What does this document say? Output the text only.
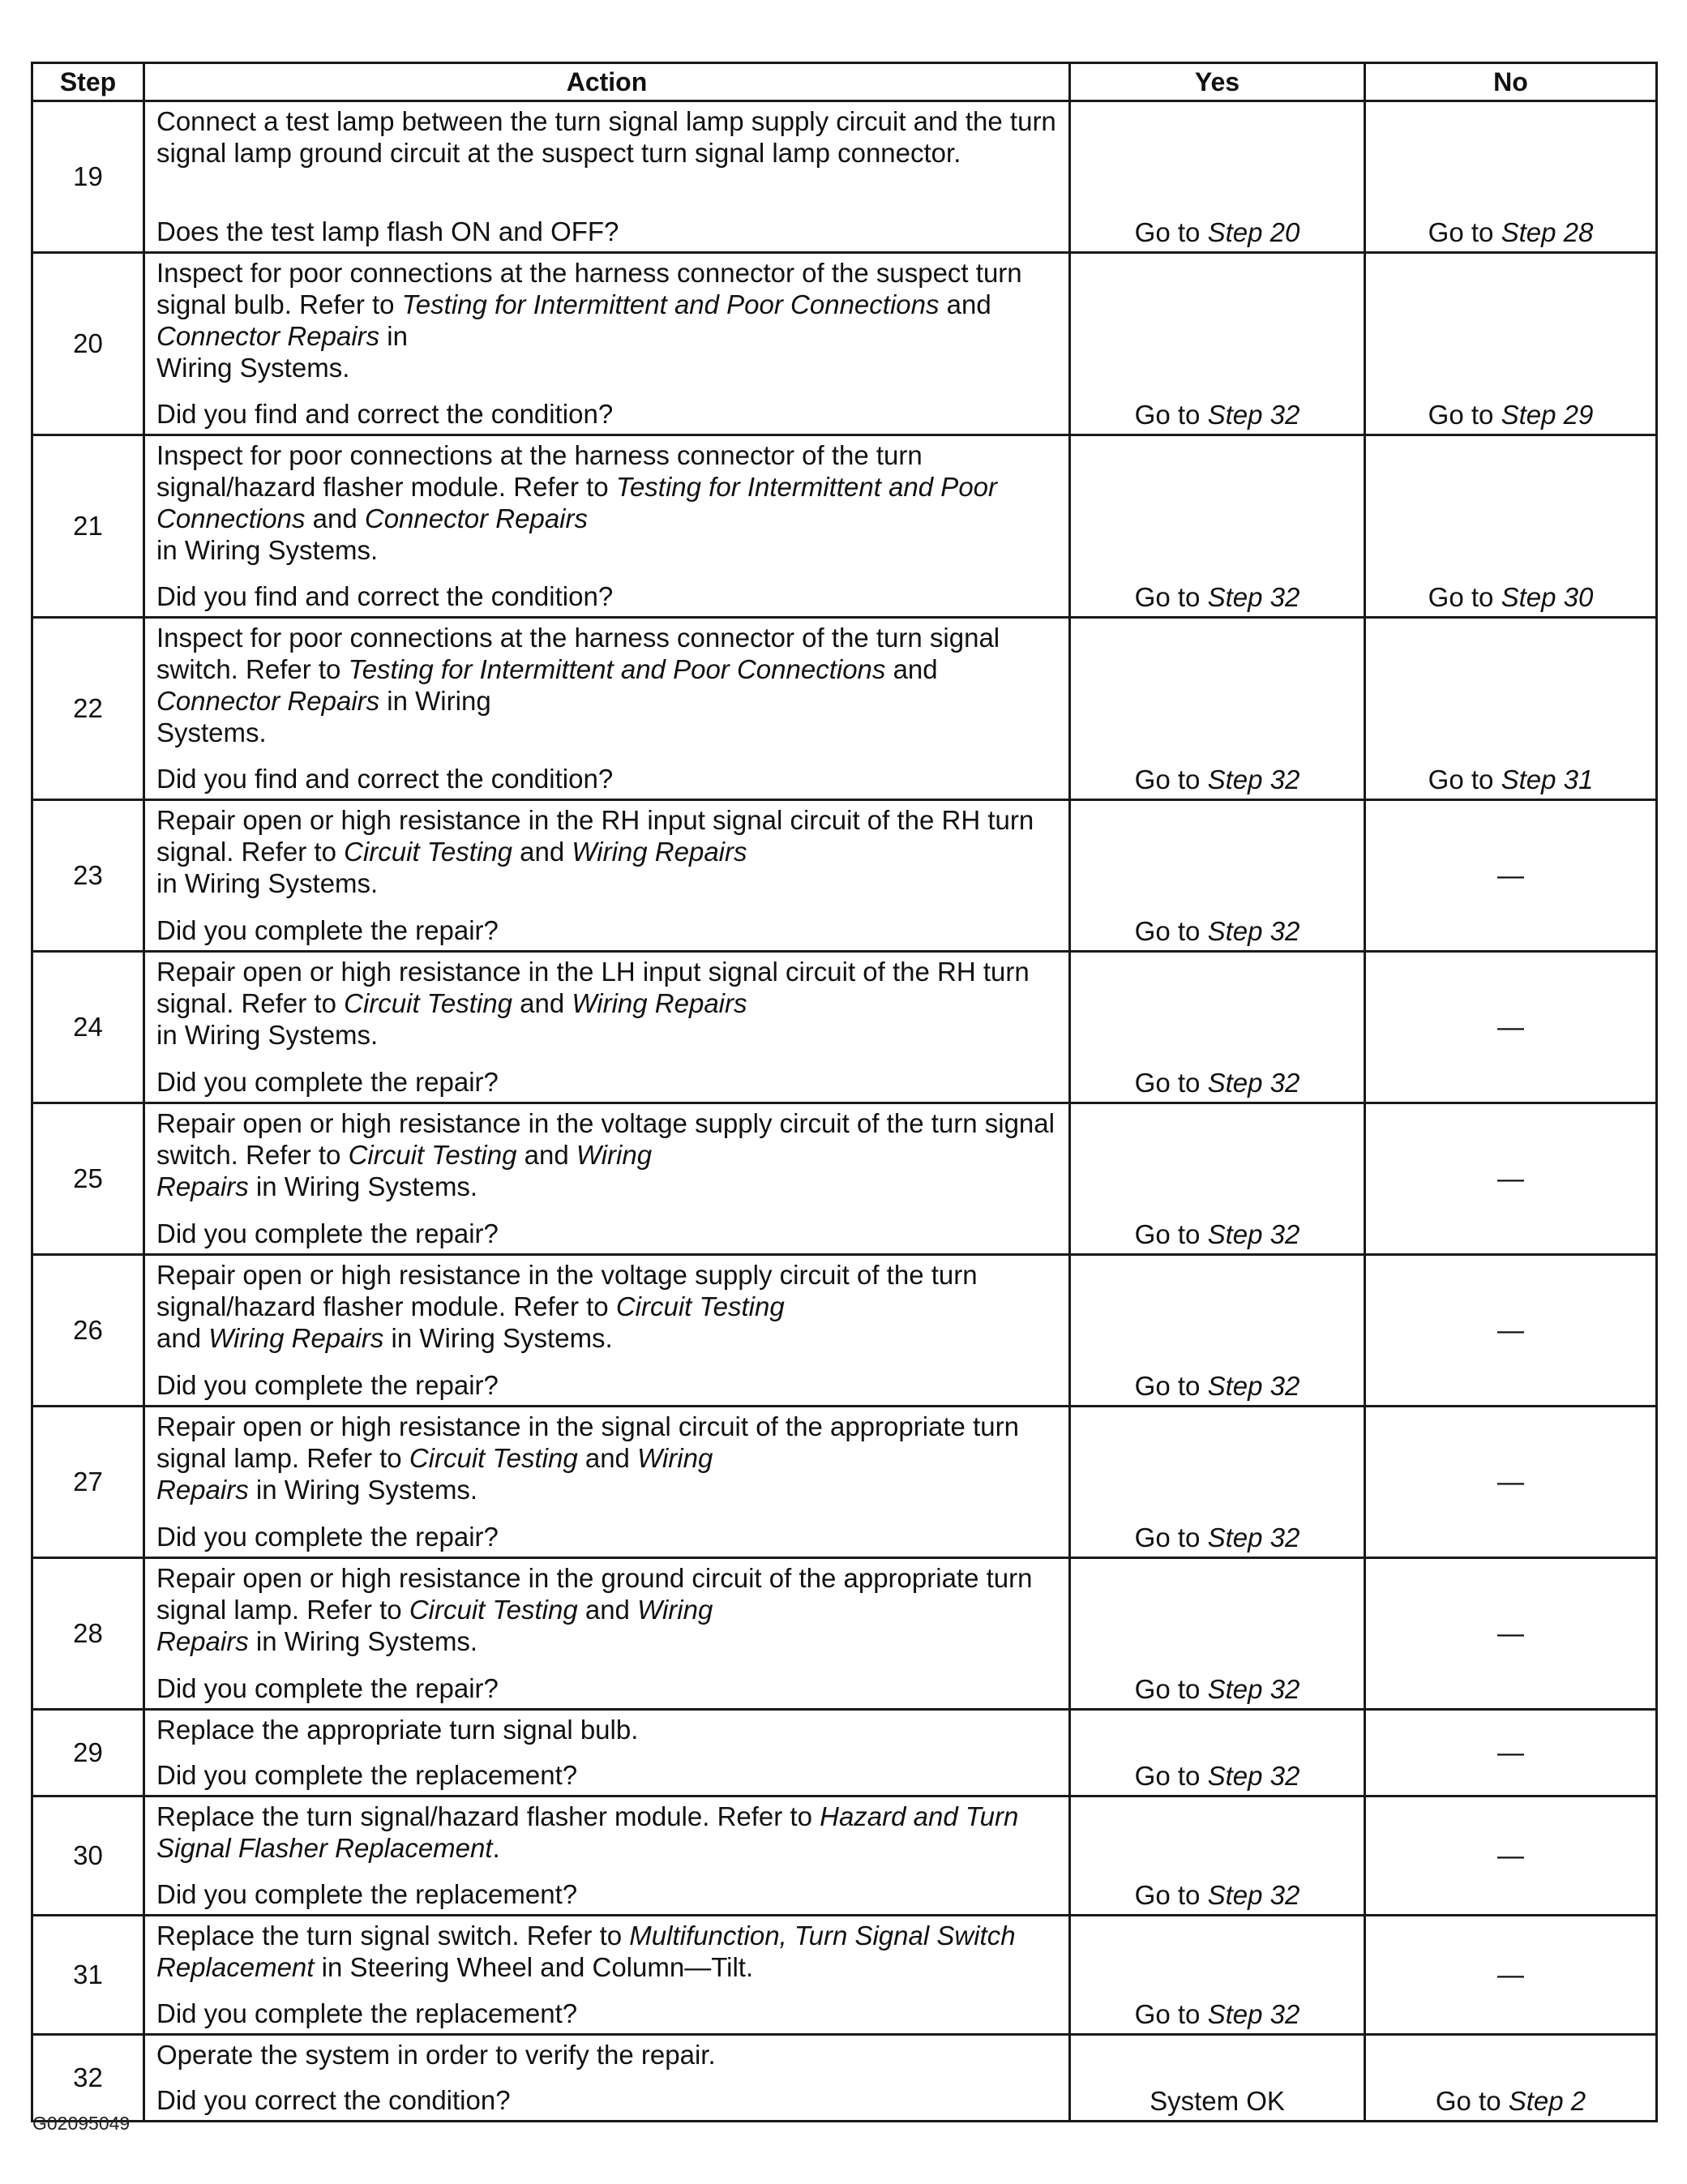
Step	Action	Yes	No
19	Connect a test lamp between the turn signal lamp supply circuit and the turn signal lamp ground circuit at the suspect turn signal lamp connector.
Does the test lamp flash ON and OFF?	Go to Step 20	Go to Step 28
20	Inspect for poor connections at the harness connector of the suspect turn signal bulb. Refer to Testing for Intermittent and Poor Connections and Connector Repairs in
Wiring Systems.
Did you find and correct the condition?	Go to Step 32	Go to Step 29
21	Inspect for poor connections at the harness connector of the turn signal/hazard flasher module. Refer to Testing for Intermittent and Poor Connections and Connector Repairs
in Wiring Systems.
Did you find and correct the condition?	Go to Step 32	Go to Step 30
22	Inspect for poor connections at the harness connector of the turn signal switch. Refer to Testing for Intermittent and Poor Connections and Connector Repairs in Wiring
Systems.
Did you find and correct the condition?	Go to Step 32	Go to Step 31
23	Repair open or high resistance in the RH input signal circuit of the RH turn signal. Refer to Circuit Testing and Wiring Repairs
in Wiring Systems.
Did you complete the repair?	Go to Step 32	—
24	Repair open or high resistance in the LH input signal circuit of the RH turn signal. Refer to Circuit Testing and Wiring Repairs
in Wiring Systems.
Did you complete the repair?	Go to Step 32	—
25	Repair open or high resistance in the voltage supply circuit of the turn signal switch. Refer to Circuit Testing and Wiring
Repairs in Wiring Systems.
Did you complete the repair?	Go to Step 32	—
26	Repair open or high resistance in the voltage supply circuit of the turn signal/hazard flasher module. Refer to Circuit Testing
and Wiring Repairs in Wiring Systems.
Did you complete the repair?	Go to Step 32	—
27	Repair open or high resistance in the signal circuit of the appropriate turn signal lamp. Refer to Circuit Testing and Wiring
Repairs in Wiring Systems.
Did you complete the repair?	Go to Step 32	—
28	Repair open or high resistance in the ground circuit of the appropriate turn signal lamp. Refer to Circuit Testing and Wiring
Repairs in Wiring Systems.
Did you complete the repair?	Go to Step 32	—
29	Replace the appropriate turn signal bulb.
Did you complete the replacement?	Go to Step 32	—
30	Replace the turn signal/hazard flasher module. Refer to Hazard and Turn Signal Flasher Replacement.
Did you complete the replacement?	Go to Step 32	—
31	Replace the turn signal switch. Refer to Multifunction, Turn Signal Switch Replacement in Steering Wheel and Column—Tilt.
Did you complete the replacement?	Go to Step 32	—
32	Operate the system in order to verify the repair.
Did you correct the condition?	System OK	Go to Step 2
G02095049
